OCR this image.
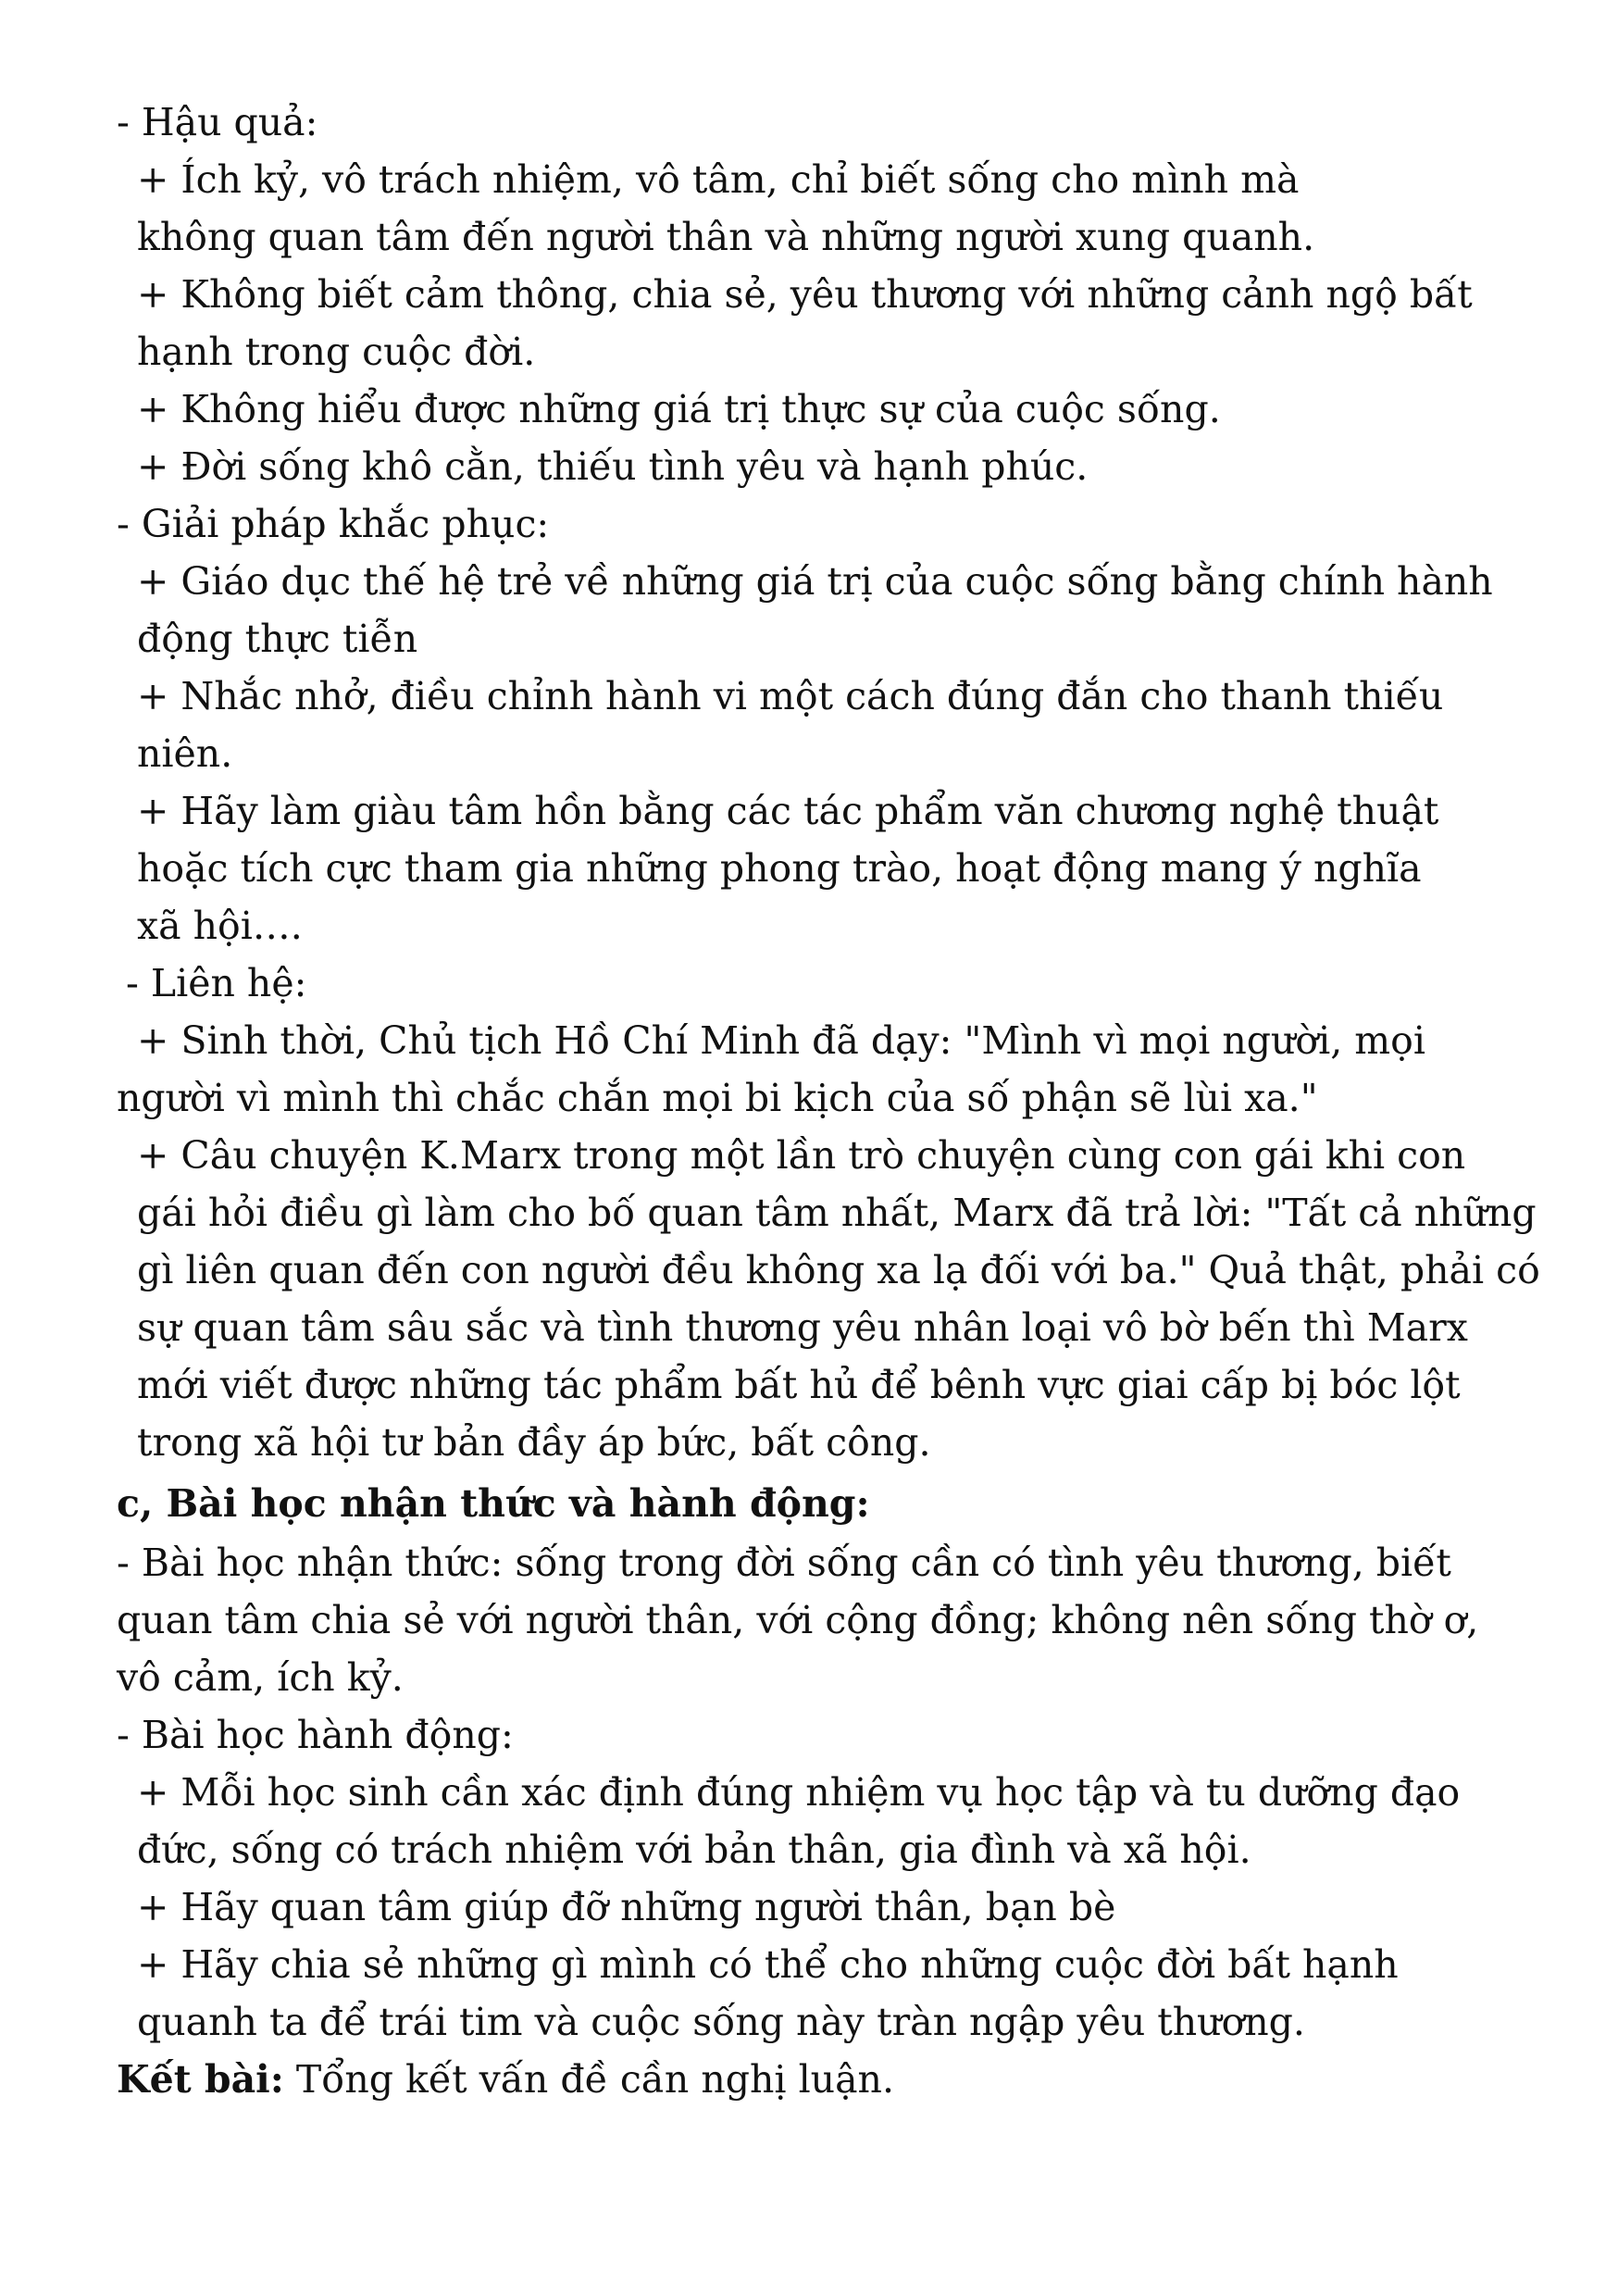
- Hậu quả:
+ Ích kỷ, vô trách nhiệm, vô tâm, chỉ biết sống cho mình mà
không quan tâm đến người thân và những người xung quanh.
+ Không biết cảm thông, chia sẻ, yêu thương với những cảnh ngộ bất
hạnh trong cuộc đời.
+ Không hiểu được những giá trị thực sự của cuộc sống.
+ Đời sống khô cằn, thiếu tình yêu và hạnh phúc.
- Giải pháp khắc phục:
+ Giáo dục thế hệ trẻ về những giá trị của cuộc sống bằng chính hành
động thực tiễn
+ Nhắc nhở, điều chỉnh hành vi một cách đúng đắn cho thanh thiếu
niên.
+ Hãy làm giàu tâm hồn bằng các tác phẩm văn chương nghệ thuật
hoặc tích cực tham gia những phong trào, hoạt động mang ý nghĩa
xã hội….
- Liên hệ:
+ Sinh thời, Chủ tịch Hồ Chí Minh đã dạy: "Mình vì mọi người, mọi
người vì mình thì chắc chắn mọi bi kịch của số phận sẽ lùi xa."
+ Câu chuyện K.Marx trong một lần trò chuyện cùng con gái khi con
gái hỏi điều gì làm cho bố quan tâm nhất, Marx đã trả lời: "Tất cả những
gì liên quan đến con người đều không xa lạ đối với ba." Quả thật, phải có
sự quan tâm sâu sắc và tình thương yêu nhân loại vô bờ bến thì Marx
mới viết được những tác phẩm bất hủ để bênh vực giai cấp bị bóc lột
trong xã hội tư bản đầy áp bức, bất công.
c, Bài học nhận thức và hành động:
- Bài học nhận thức: sống trong đời sống cần có tình yêu thương, biết
quan tâm chia sẻ với người thân, với cộng đồng; không nên sống thờ ơ,
vô cảm, ích kỷ.
- Bài học hành động:
+ Mỗi học sinh cần xác định đúng nhiệm vụ học tập và tu dưỡng đạo
đức, sống có trách nhiệm với bản thân, gia đình và xã hội.
+ Hãy quan tâm giúp đỡ những người thân, bạn bè
+ Hãy chia sẻ những gì mình có thể cho những cuộc đời bất hạnh
quanh ta để trái tim và cuộc sống này tràn ngập yêu thương.
Kết bài: Tổng kết vấn đề cần nghị luận.
